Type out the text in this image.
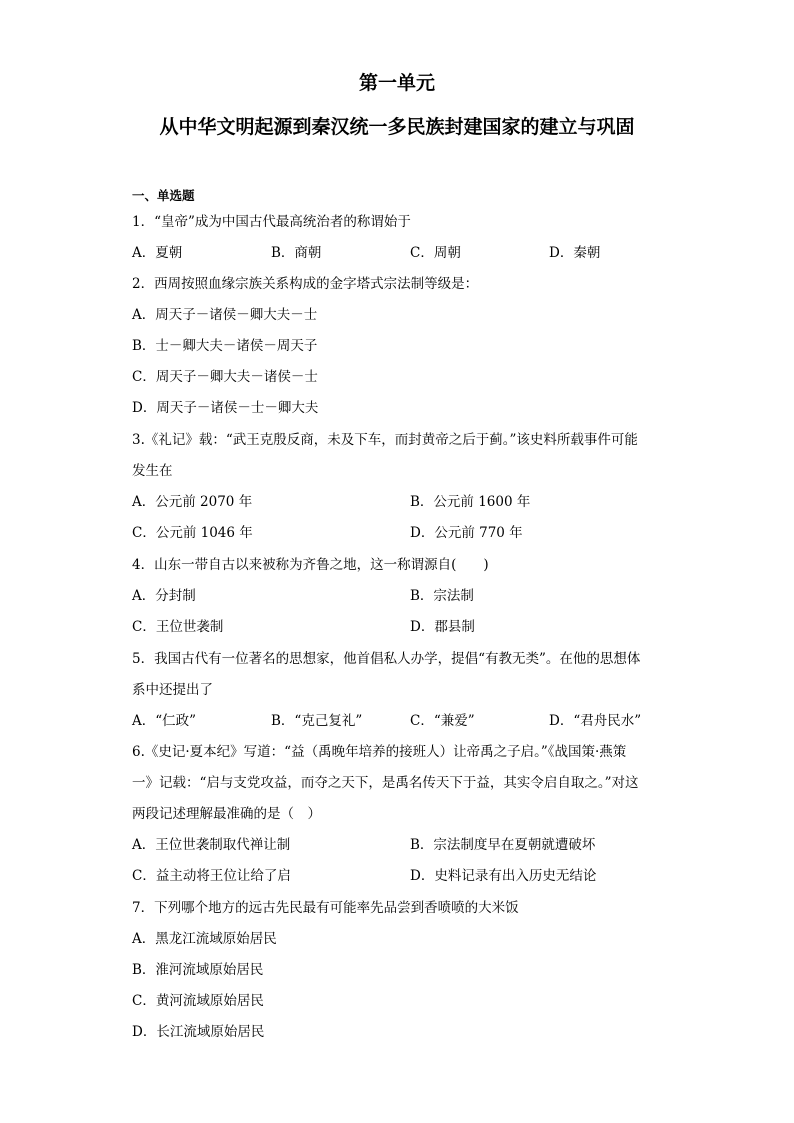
第一单元
从中华文明起源到秦汉统一多民族封建国家的建立与巩固
一、单选题
1．“皇帝”成为中国古代最高统治者的称谓始于
A．夏朝	B．商朝	C．周朝	D．秦朝
2．西周按照血缘宗族关系构成的金字塔式宗法制等级是：
A．周天子－诸侯－卿大夫－士
B．士－卿大夫－诸侯－周天子
C．周天子－卿大夫－诸侯－士
D．周天子－诸侯－士－卿大夫
3.《礼记》载：“武王克殷反商，未及下车，而封黄帝之后于蓟。”该史料所载事件可能
发生在
A．公元前 2070 年	B．公元前 1600 年
C．公元前 1046 年	D．公元前 770 年
4．山东一带自古以来被称为齐鲁之地，这一称谓源自(　　)
A．分封制	B．宗法制
C．王位世袭制	D．郡县制
5．我国古代有一位著名的思想家，他首倡私人办学，提倡“有教无类”。在他的思想体
系中还提出了
A．“仁政”	B．“克己复礼”	C．“兼爱”	D．“君舟民水”
6.《史记·夏本纪》写道：“益（禹晚年培养的接班人）让帝禹之子启。”《战国策·燕策
一》记载：“启与支党攻益，而夺之天下，是禹名传天下于益，其实令启自取之。”对这
两段记述理解最准确的是（　）
A．王位世袭制取代禅让制	B．宗法制度早在夏朝就遭破坏
C．益主动将王位让给了启	D．史料记录有出入历史无结论
7．下列哪个地方的远古先民最有可能率先品尝到香喷喷的大米饭
A．黑龙江流域原始居民
B．淮河流域原始居民
C．黄河流域原始居民
D．长江流域原始居民
